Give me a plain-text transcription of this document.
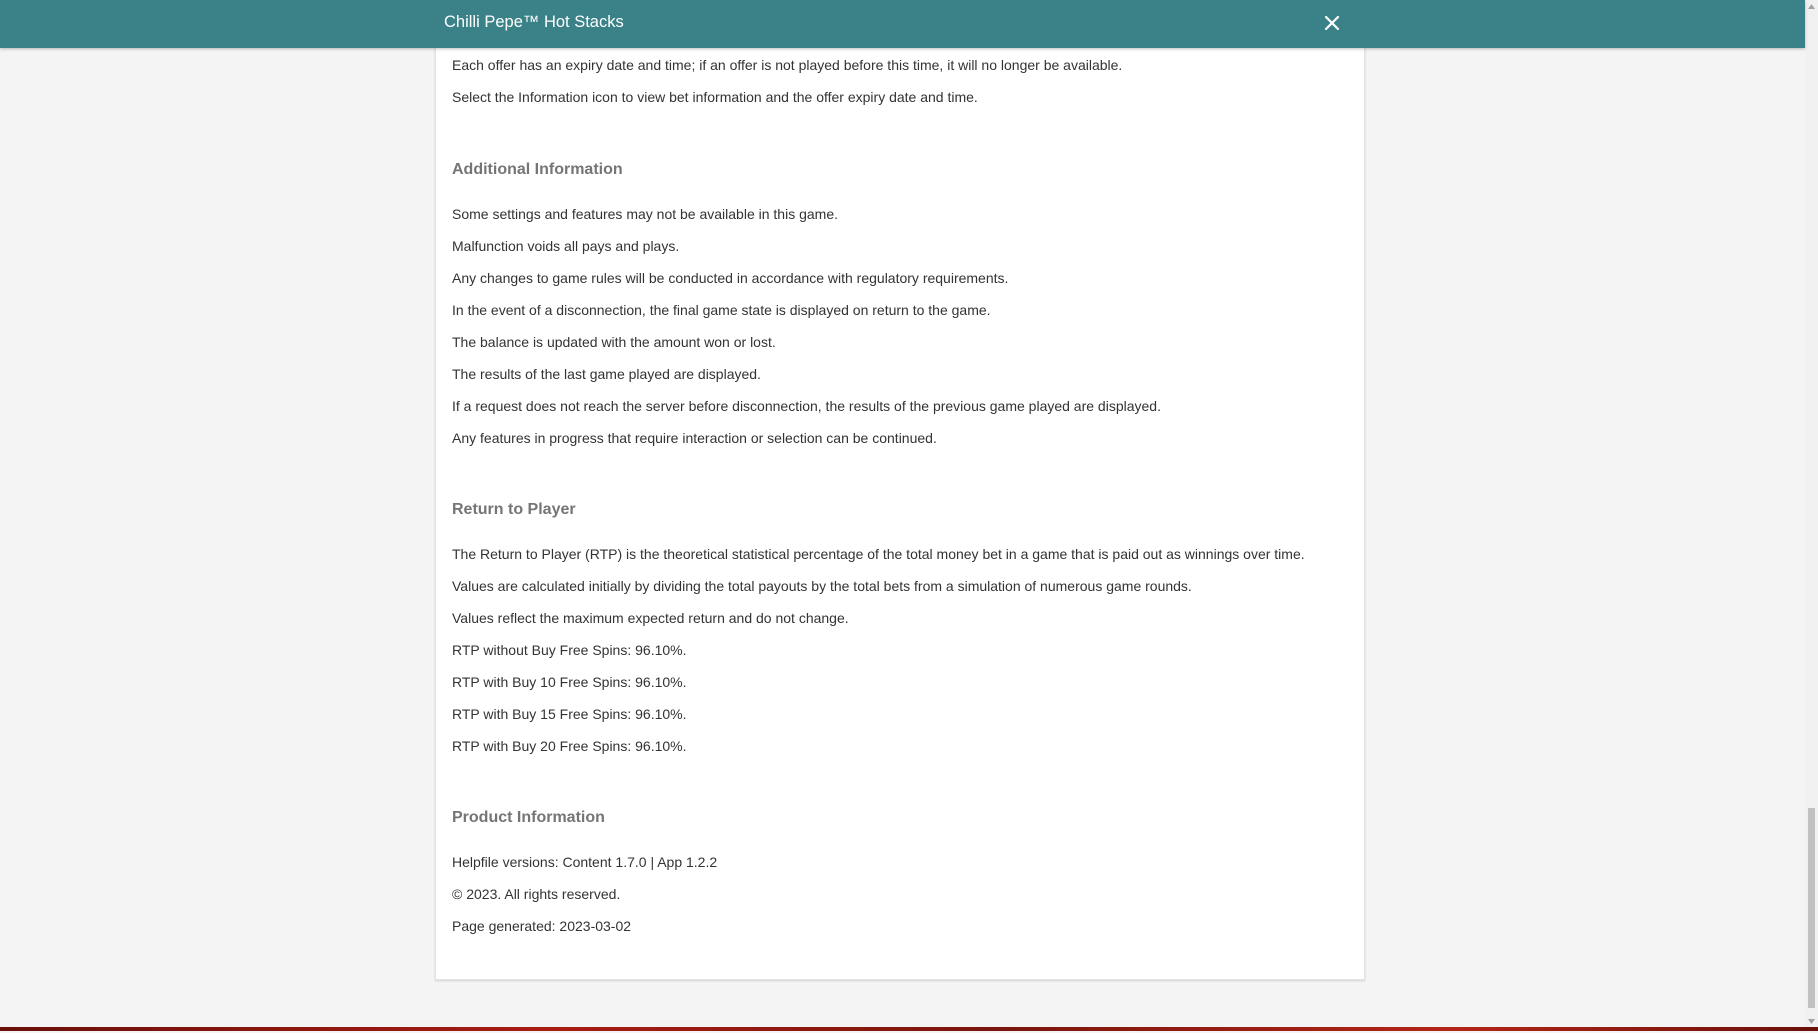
Each offer has an expiry date and time; if an offer is not played before this time, it will no longer be available.
Select the Information icon to view bet information and the offer expiry date and time.
Additional Information
Some settings and features may not be available in this game.
Malfunction voids all pays and plays.
Any changes to game rules will be conducted in accordance with regulatory requirements.
In the event of a disconnection, the final game state is displayed on return to the game.
The balance is updated with the amount won or lost.
The results of the last game played are displayed.
If a request does not reach the server before disconnection, the results of the previous game played are displayed.
Any features in progress that require interaction or selection can be continued.
Return to Player
The Return to Player (RTP) is the theoretical statistical percentage of the total money bet in a game that is paid out as winnings over time.
Values are calculated initially by dividing the total payouts by the total bets from a simulation of numerous game rounds.
Values reflect the maximum expected return and do not change.
RTP without Buy Free Spins: 96.10%.
RTP with Buy 10 Free Spins: 96.10%.
RTP with Buy 15 Free Spins: 96.10%.
RTP with Buy 20 Free Spins: 96.10%.
Product Information
Helpfile versions: Content 1.7.0 | App 1.2.2
© 2023. All rights reserved.
Page generated: 2023-03-02
Chilli Pepe™ Hot Stacks
